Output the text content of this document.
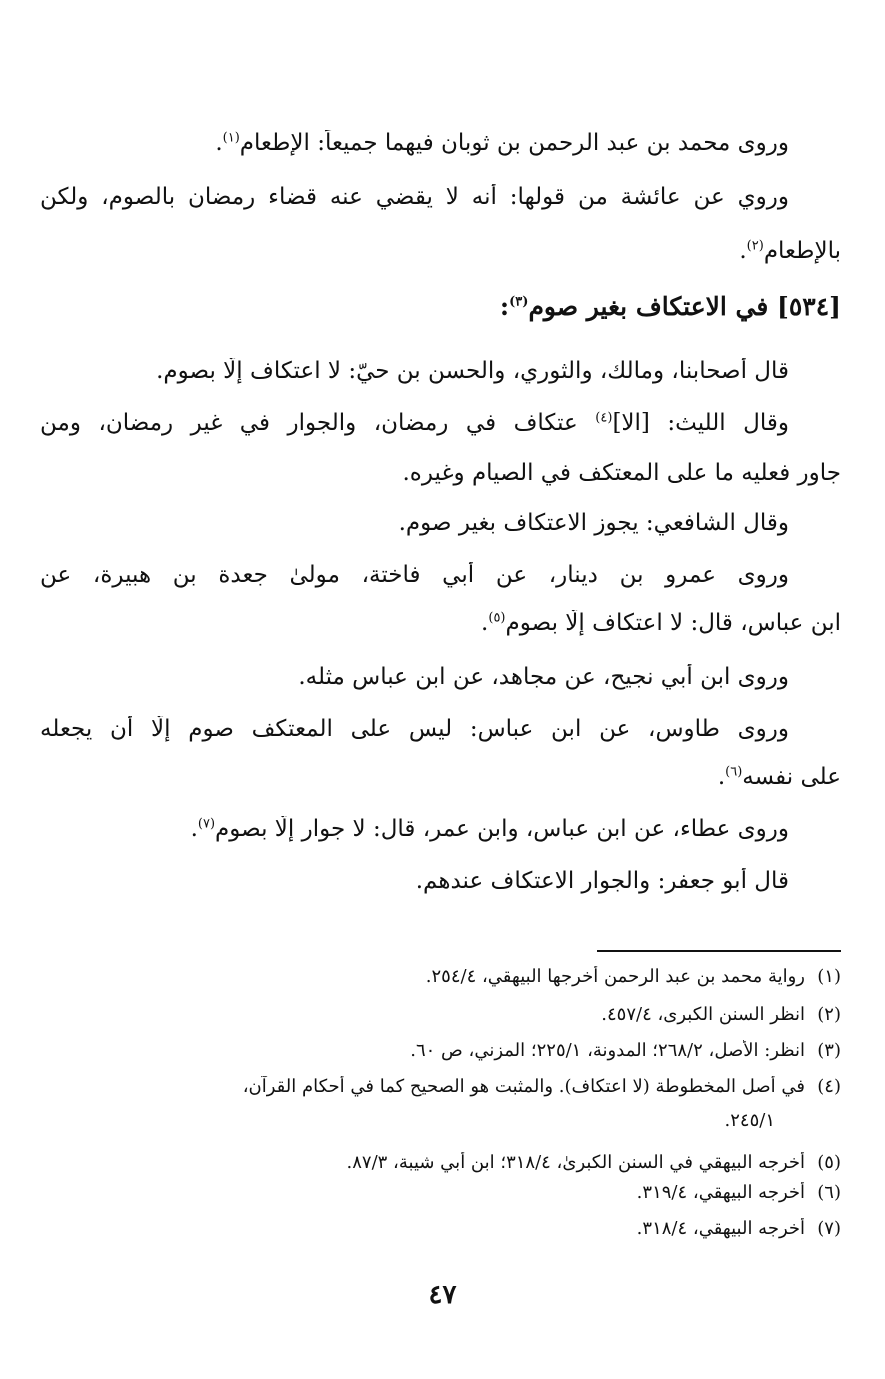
وروى محمد بن عبد الرحمن بن ثوبان فيهما جميعاً: الإطعام$^{(١)}$.
وروي عن عائشة من قولها: أنه لا يقضي عنه قضاء رمضان بالصوم، ولكن
بالإطعام$^{(٢)}$.
[٥٣٤] في الاعتكاف بغير صوم$^{(٣)}$:
قال أصحابنا، ومالك، والثوري، والحسن بن حيّ: لا اعتكاف إلّا بصوم.
وقال الليث: [الا]$^{(٤)}$ عتكاف في رمضان، والجوار في غير رمضان، ومن
جاور فعليه ما على المعتكف في الصيام وغيره.
وقال الشافعي: يجوز الاعتكاف بغير صوم.
وروى عمرو بن دينار، عن أبي فاختة، مولىٰ جعدة بن هبيرة، عن
ابن عباس، قال: لا اعتكاف إلّا بصوم$^{(٥)}$.
وروى ابن أبي نجيح، عن مجاهد، عن ابن عباس مثله.
وروى طاوس، عن ابن عباس: ليس على المعتكف صوم إلّا أن يجعله
على نفسه$^{(٦)}$.
وروى عطاء، عن ابن عباس، وابن عمر، قال: لا جوار إلّا بصوم$^{(٧)}$.
قال أبو جعفر: والجوار الاعتكاف عندهم.
(١)رواية محمد بن عبد الرحمن أخرجها البيهقي، ٢٥٤/٤.
(٢)انظر السنن الكبرى، ٤٥٧/٤.
(٣)انظر: الأصل، ٢٦٨/٢؛ المدونة، ٢٢٥/١؛ المزني، ص ٦٠.
(٤)في أصل المخطوطة (لا اعتكاف). والمثبت هو الصحيح كما في أحكام القرآن،
٢٤٥/١.
(٥)أخرجه البيهقي في السنن الكبرىٰ، ٣١٨/٤؛ ابن أبي شيبة، ٨٧/٣.
(٦)أخرجه البيهقي، ٣١٩/٤.
(٧)أخرجه البيهقي، ٣١٨/٤.
٤٧
